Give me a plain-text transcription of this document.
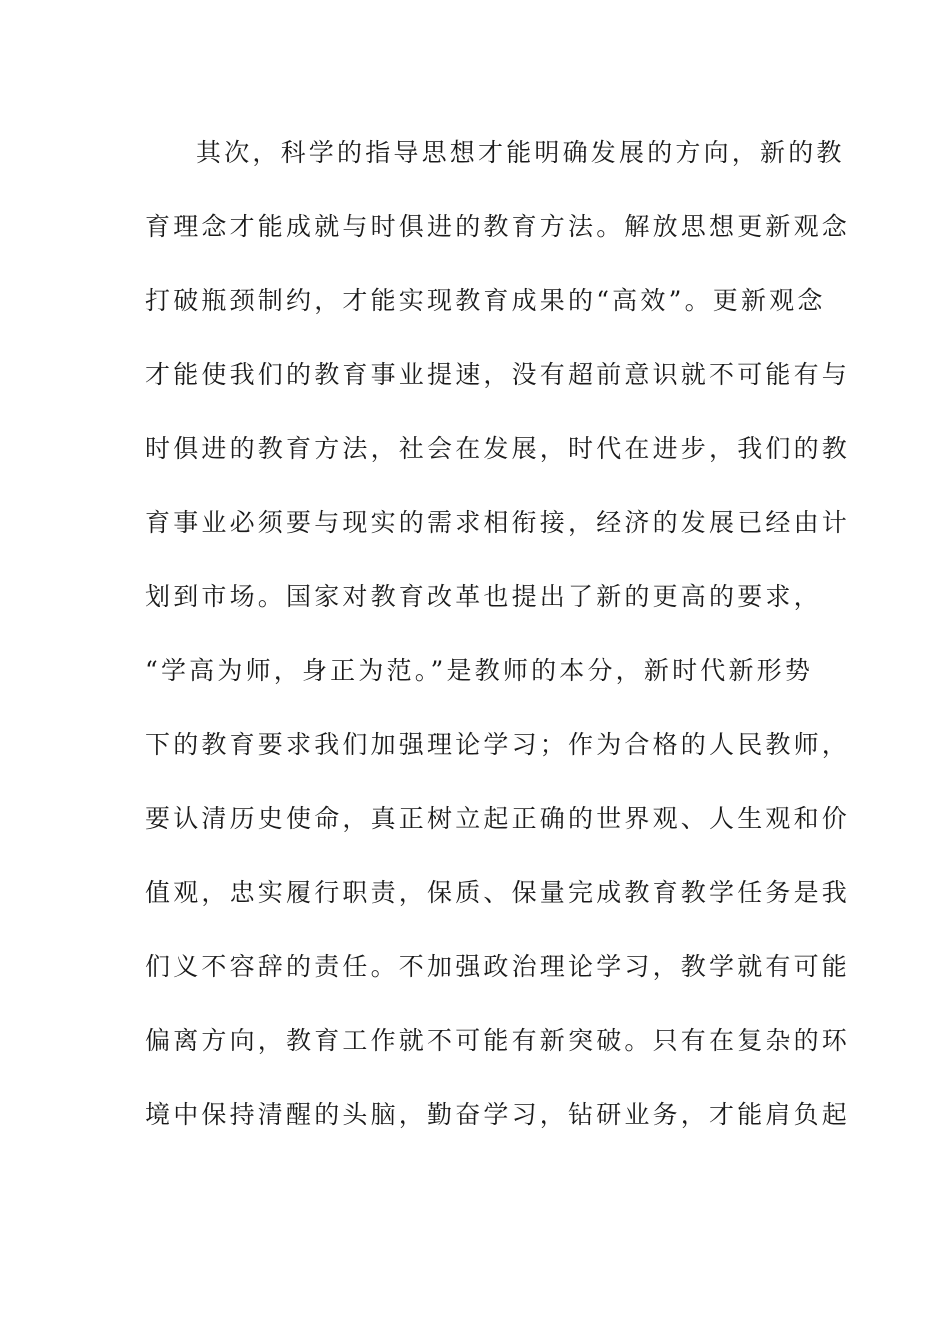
其次，科学的指导思想才能明确发展的方向，新的教
育理念才能成就与时俱进的教育方法。解放思想更新观念
打破瓶颈制约，才能实现教育成果的“高效”。更新观念
才能使我们的教育事业提速，没有超前意识就不可能有与
时俱进的教育方法，社会在发展，时代在进步，我们的教
育事业必须要与现实的需求相衔接，经济的发展已经由计
划到市场。国家对教育改革也提出了新的更高的要求，
“学高为师，身正为范。”是教师的本分，新时代新形势
下的教育要求我们加强理论学习；作为合格的人民教师，
要认清历史使命，真正树立起正确的世界观、人生观和价
值观，忠实履行职责，保质、保量完成教育教学任务是我
们义不容辞的责任。不加强政治理论学习，教学就有可能
偏离方向，教育工作就不可能有新突破。只有在复杂的环
境中保持清醒的头脑，勤奋学习，钻研业务，才能肩负起
